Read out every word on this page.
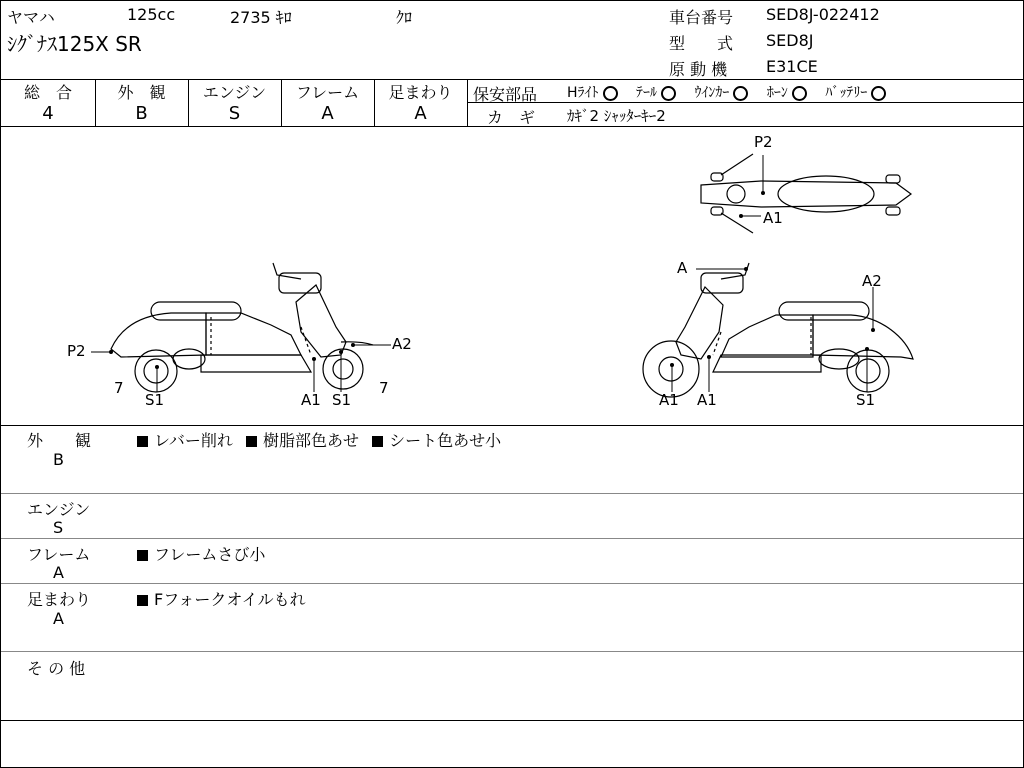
ヤマハ	125cc	2735 ｷﾛ	ｸﾛ
ｼｸﾞﾅｽ125X SR
車台番号 SED8J-022412
型　　式 SED8J
原 動 機 E31CE
総　合
4
外　観
B
エンジン
S
フレーム
A
足まわり
A
保安部品 Hﾗｲﾄ	ﾃｰﾙ	ｳｲﾝｶｰ	ﾎｰﾝ	ﾊﾞｯﾃﾘｰ
カ　ギ ｶｷﾞ2 ｼｬｯﾀｰｷｰ2
P2	A2
A1 S1
S1
7	7
A
A2
A1 A1	S1
P2
A1
外　　観
B
レバー削れ 樹脂部色あせ シート色あせ小
エンジン
S
フレーム
A
フレームさび小
足まわり
A
Fフォークオイルもれ
そ の 他
